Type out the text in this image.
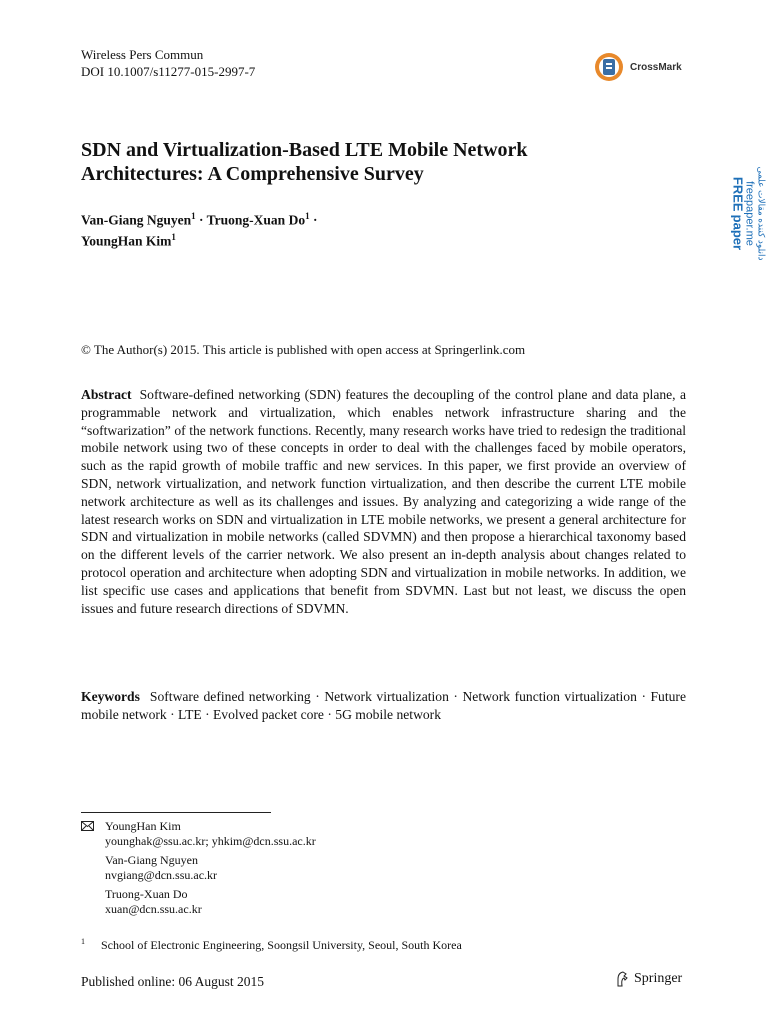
Wireless Pers Commun
DOI 10.1007/s11277-015-2997-7	CrossMark
دانلود کننده مقالات علمی
freepaper.me
FREE paper
SDN and Virtualization-Based LTE Mobile Network
Architectures: A Comprehensive Survey
Van-Giang Nguyen$^1$ · Truong-Xuan $Do^1$ ·
YoungHan Kim$^1$
© The Author(s) 2015. This article is published with open access at Springerlink.com
Abstract Software-defined networking (SDN) features the decoupling of the control plane and data plane, a programmable network and virtualization, which enables network infrastructure sharing and the “softwarization” of the network functions. Recently, many research works have tried to redesign the traditional mobile network using two of these concepts in order to deal with the challenges faced by mobile operators, such as the rapid growth of mobile traffic and new services. In this paper, we first provide an overview of SDN, network virtualization, and network function virtualization, and then describe the current LTE mobile network architecture as well as its challenges and issues. By analyzing and categorizing a wide range of the latest research works on SDN and virtualization in LTE mobile networks, we present a general architecture for SDN and virtualization in mobile networks (called SDVMN) and then propose a hierarchical taxonomy based on the different levels of the carrier network. We also present an in-depth analysis about changes related to protocol operation and architecture when adopting SDN and virtualization in mobile networks. In addition, we list specific use cases and applications that benefit from SDVMN. Last but not least, we discuss the open issues and future research directions of SDVMN.
Keywords Software defined networking · Network virtualization · Network function virtualization · Future mobile network · LTE · Evolved packet core · 5G mobile network
YoungHan Kim
younghak@ssu.ac.kr; yhkim@dcn.ssu.ac.kr
Van-Giang Nguyen
nvgiang@dcn.ssu.ac.kr
Truong-Xuan Do
xuan@dcn.ssu.ac.kr
$^1$ School of Electronic Engineering, Soongsil University, Seoul, South Korea
Published online: 06 August 2015	Springer
